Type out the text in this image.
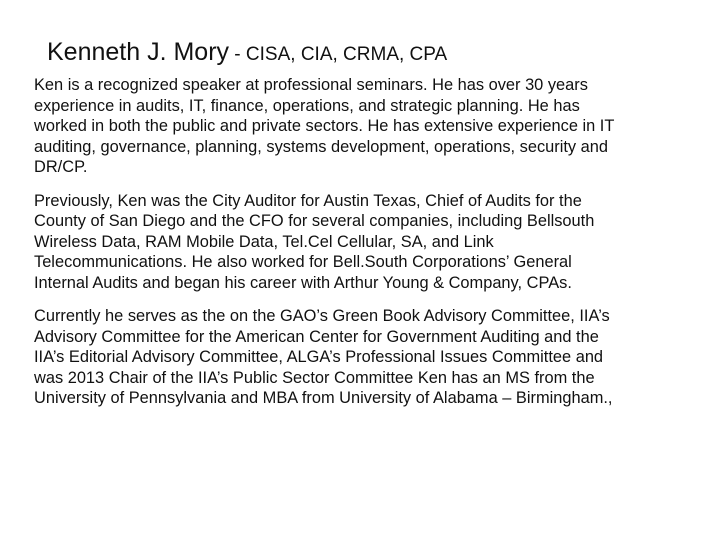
Kenneth J. Mory - CISA, CIA, CRMA, CPA

Ken is a recognized speaker at professional seminars. He has over 30 years
experience in audits, IT, finance, operations, and strategic planning. He has
worked in both the public and private sectors. He has extensive experience in IT
auditing, governance, planning, systems development, operations, security and
DR/CP.

Previously, Ken was the City Auditor for Austin Texas, Chief of Audits for the
County of San Diego and the CFO for several companies, including Bellsouth
Wireless Data, RAM Mobile Data, Tel.Cel Cellular, SA, and Link
Telecommunications. He also worked for Bell.South Corporations’ General
Internal Audits and began his career with Arthur Young & Company, CPAs.

Currently he serves as the on the GAO’s Green Book Advisory Committee, IIA’s
Advisory Committee for the American Center for Government Auditing and the
IIA’s Editorial Advisory Committee, ALGA’s Professional Issues Committee and
was 2013 Chair of the IIA’s Public Sector Committee Ken has an MS from the
University of Pennsylvania and MBA from University of Alabama – Birmingham.,
